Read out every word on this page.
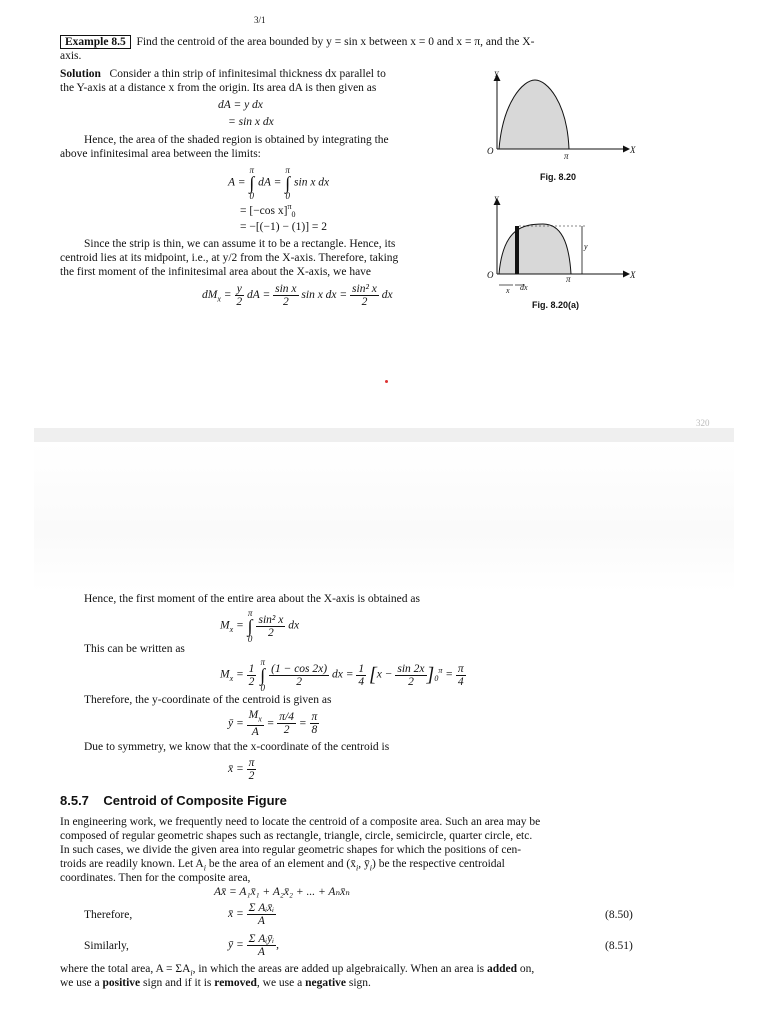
3/1
Example 8.5 Find the centroid of the area bounded by y = sin x between x = 0 and x = π, and the X-
axis.
Solution Consider a thin strip of infinitesimal thickness dx parallel to
the Y-axis at a distance x from the origin. Its area dA is then given as
dA = y dx
= sin x dx
Hence, the area of the shaded region is obtained by integrating the
above infinitesimal area between the limits:
A =
π
∫
0
dA =
π
∫
0
sin x dx
= [−cos x]$^\pi_0$
= −[(−1) − (1)] = 2
Since the strip is thin, we can assume it to be a rectangle. Hence, its
centroid lies at its midpoint, i.e., at y/2 from the X-axis. Therefore, taking
the first moment of the infinitesimal area about the X-axis, we have
$dM_x = \frac{y}{2}$ dA = $\frac{\text{sin x}}{2}$ sin x dx = $\frac{\text{sin² x}}{2}$ dx
Y
X
O	π
Fig. 8.20
Y
X
O	π
y
x dx
Fig. 8.20(a)
320
Hence, the first moment of the entire area about the X-axis is obtained as
$M_x$ =
π
∫
0

$\frac{\text{sin² x}}{2}$ dx
This can be written as
$M_x = \frac{1}{2}$

π
∫
0

$\frac{(1 - \cos 2x)}{2}$ dx = $\frac{1}{4} [x - \frac{\sin 2x}{2} ]_0^\pi = \frac{\pi}{4}$
Therefore, the y-coordinate of the centroid is given as
ȳ = $\frac{M_x}{A} = \frac{\pi/4}{2} = \frac{\pi}{8}$
Due to symmetry, we know that the x-coordinate of the centroid is
x̄ = $\frac{\pi}{2}$
8.5.7 Centroid of Composite Figure
In engineering work, we frequently need to locate the centroid of a composite area. Such an area may be
composed of regular geometric shapes such as rectangle, triangle, circle, semicircle, quarter circle, etc.
In such cases, we divide the given area into regular geometric shapes for which the positions of cen-
troids are readily known. Let $A_i$ be the area of an element and ($x̄_i$, $ȳ_i$) be the respective centroidal
coordinates. Then for the composite area,
Ax̄ = A₁x̄₁ + A₂x̄₂ + ... + Aₙx̄ₙ
Therefore,	x̄ = $\frac{\text{Σ Aᵢx̄ᵢ}}{A}$	(8.50)
Similarly,	ȳ = $\frac{\text{Σ Aᵢȳᵢ}}{A}$ ,	(8.51)
where the total area, $A = \Sigma A_i$, in which the areas are added up algebraically. When an area is added on,
we use a positive sign and if it is removed, we use a negative sign.
